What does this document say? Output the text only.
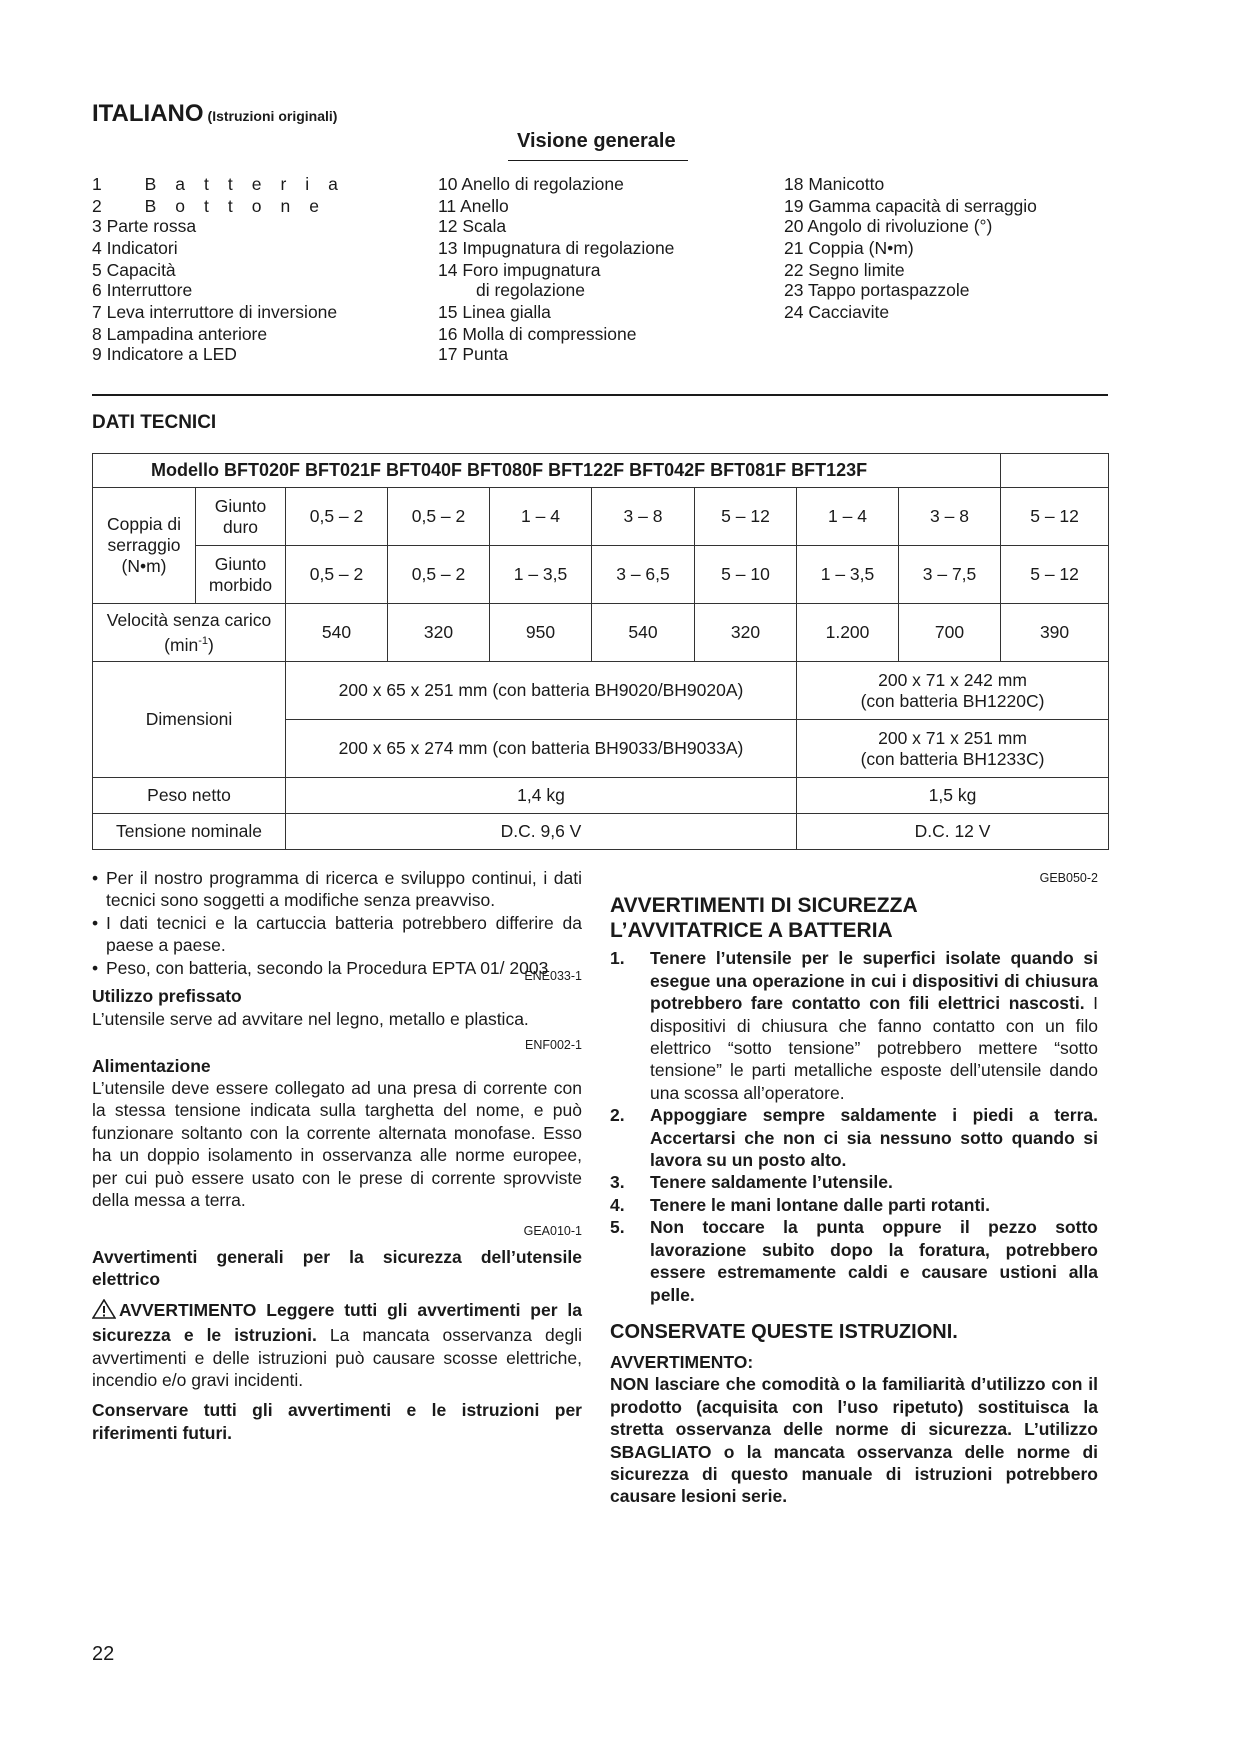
ITALIANO (Istruzioni originali)
Visione generale
1 Batteria
2 Bottone
3 Parte rossa
4 Indicatori
5 Capacità
6 Interruttore
7 Leva interruttore di inversione
8 Lampadina anteriore
9 Indicatore a LED
10 Anello di regolazione
11 Anello
12 Scala
13 Impugnatura di regolazione
14 Foro impugnatura
di regolazione
15 Linea gialla
16 Molla di compressione
17 Punta
18 Manicotto
19 Gamma capacità di serraggio
20 Angolo di rivoluzione (°)
21 Coppia (N•m)
22 Segno limite
23 Tappo portaspazzole
24 Cacciavite
DATI TECNICI
Modello BFT020F BFT021F BFT040F BFT080F BFT122F BFT042F BFT081F BFT123F									
Coppia di serraggio (N•m)	Giunto duro	0,5 – 2	0,5 – 2	1 – 4	3 – 8	5 – 12	1 – 4	3 – 8	5 – 12
	Giunto morbido	0,5 – 2	0,5 – 2	1 – 3,5	3 – 6,5	5 – 10	1 – 3,5	3 – 7,5	5 – 12
Velocità senza carico $(\min^{-1})$		540	320	950	540	320	1.200	700	390
Dimensioni		200 x 65 x 251 mm (con batteria BH9020/BH9020A)					200 x 71 x 242 mm
(con batteria BH1220C)		

		200 x 65 x 274 mm (con batteria BH9033/BH9033A)					200 x 71 x 251 mm
(con batteria BH1233C)		

Peso netto		1,4 kg					1,5 kg		
Tensione nominale		D.C. 9,6 V					D.C. 12 V		
• Per il nostro programma di ricerca e sviluppo continui, i dati tecnici sono soggetti a modifiche senza preavviso.
• I dati tecnici e la cartuccia batteria potrebbero differire da paese a paese.
• Peso, con batteria, secondo la Procedura EPTA 01/ 2003
ENE033-1
Utilizzo prefissato
L’utensile serve ad avvitare nel legno, metallo e plastica.
ENF002-1
Alimentazione
L’utensile deve essere collegato ad una presa di corrente con la stessa tensione indicata sulla targhetta del nome, e può funzionare soltanto con la corrente alternata monofase. Esso ha un doppio isolamento in osservanza alle norme europee, per cui può essere usato con le prese di corrente sprovviste della messa a terra.
GEA010-1
Avvertimenti generali per la sicurezza dell’utensile elettrico
AVVERTIMENTO Leggere tutti gli avvertimenti per la sicurezza e le istruzioni. La mancata osservanza degli avvertimenti e delle istruzioni può causare scosse elettriche, incendio e/o gravi incidenti.
Conservare tutti gli avvertimenti e le istruzioni per riferimenti futuri.
GEB050-2
AVVERTIMENTI DI SICUREZZA
L’AVVITATRICE A BATTERIA
1. Tenere l’utensile per le superfici isolate quando si esegue una operazione in cui i dispositivi di chiusura potrebbero fare contatto con fili elettrici nascosti. I dispositivi di chiusura che fanno contatto con un filo elettrico “sotto tensione” potrebbero mettere “sotto tensione” le parti metalliche esposte dell’utensile dando una scossa all’operatore.
2. Appoggiare sempre saldamente i piedi a terra. Accertarsi che non ci sia nessuno sotto quando si lavora su un posto alto.
3. Tenere saldamente l’utensile.
4. Tenere le mani lontane dalle parti rotanti.
5. Non toccare la punta oppure il pezzo sotto lavorazione subito dopo la foratura, potrebbero essere estremamente caldi e causare ustioni alla pelle.
CONSERVATE QUESTE ISTRUZIONI.
AVVERTIMENTO:
NON lasciare che comodità o la familiarità d’utilizzo con il prodotto (acquisita con l’uso ripetuto) sostituisca la stretta osservanza delle norme di sicurezza. L’utilizzo SBAGLIATO o la mancata osservanza delle norme di sicurezza di questo manuale di istruzioni potrebbero causare lesioni serie.
22
